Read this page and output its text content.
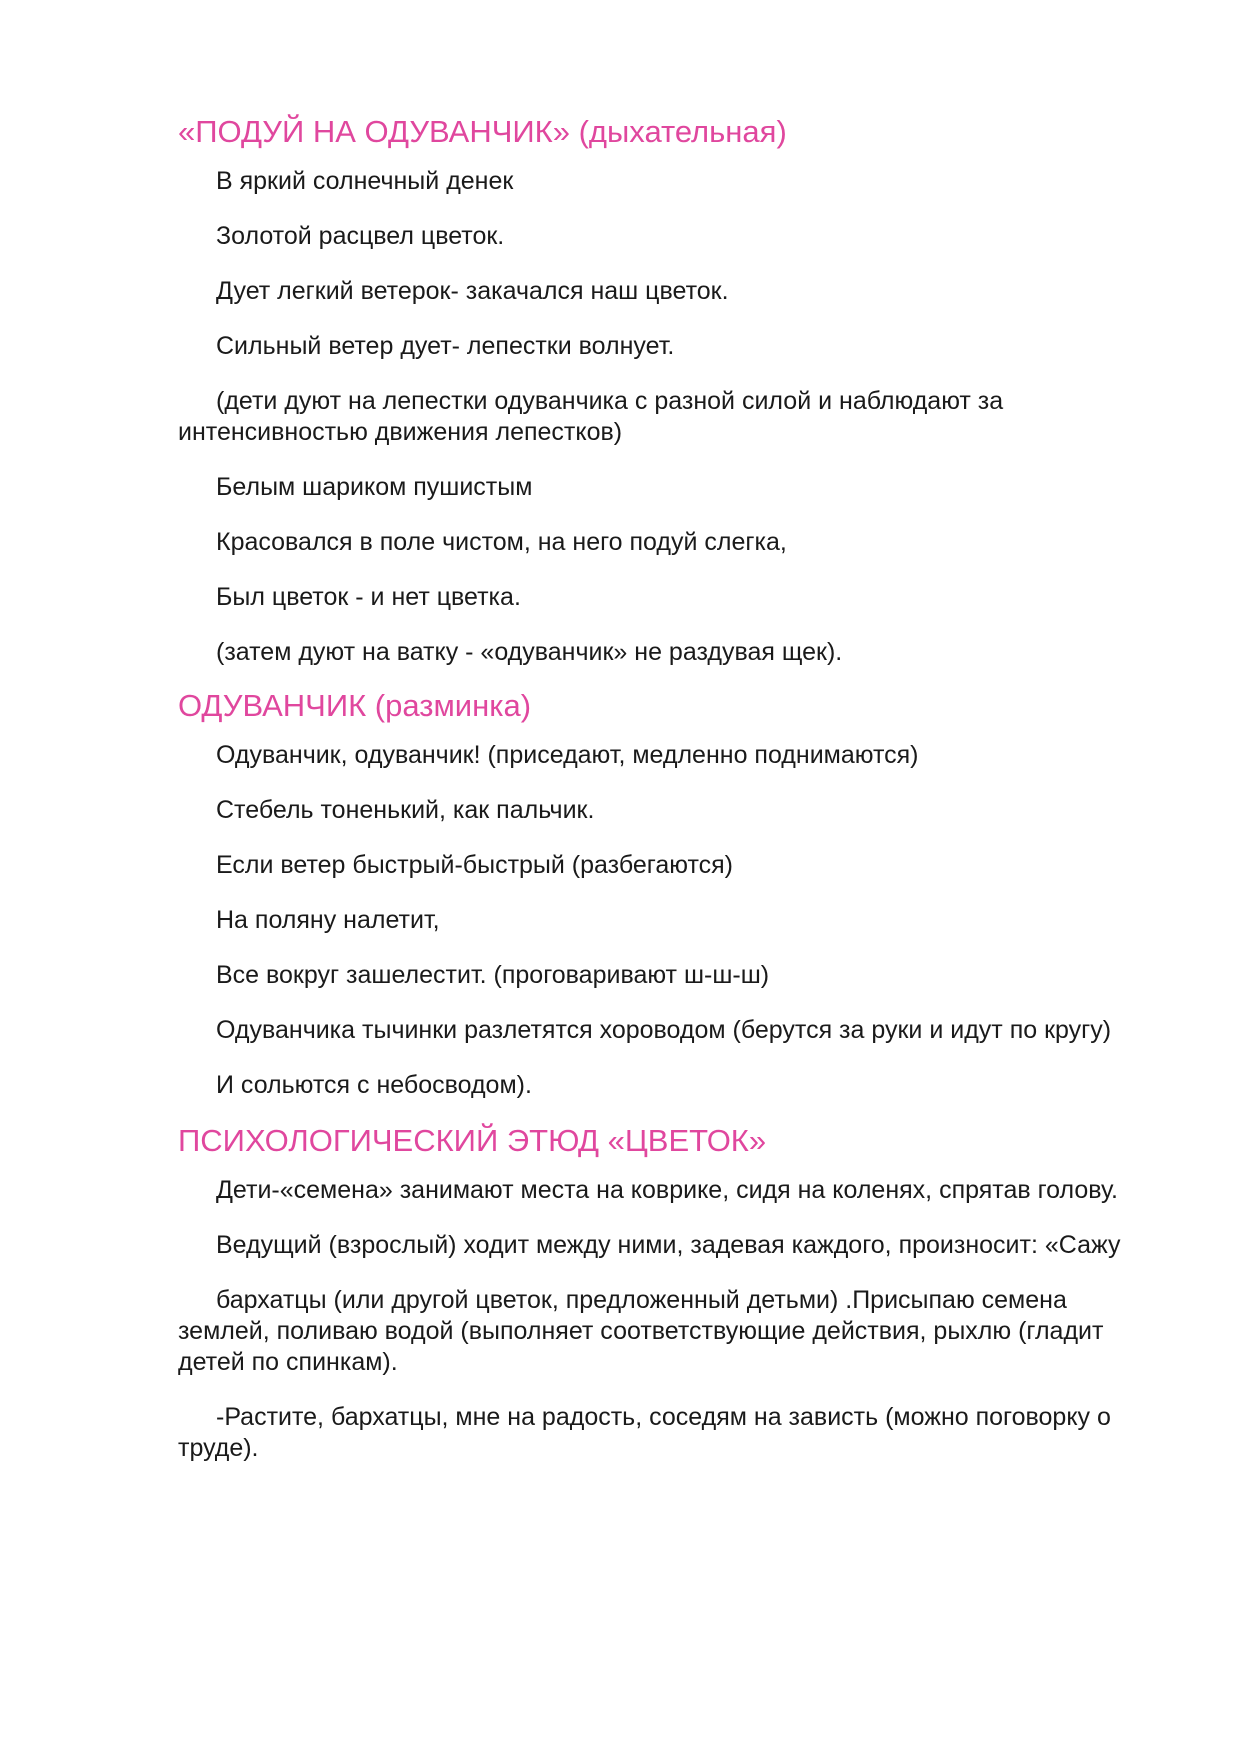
«ПОДУЙ НА ОДУВАНЧИК» (дыхательная)

В яркий солнечный денек

Золотой расцвел цветок.

Дует легкий ветерок- закачался наш цветок.

Сильный ветер дует- лепестки волнует.

(дети дуют на лепестки одуванчика с разной силой и наблюдают за интенсивностью движения лепестков)

Белым шариком пушистым

Красовался в поле чистом, на него подуй слегка,

Был цветок - и нет цветка.

(затем дуют на ватку - «одуванчик» не раздувая щек).

ОДУВАНЧИК (разминка)

Одуванчик, одуванчик! (приседают, медленно поднимаются)

Стебель тоненький, как пальчик.

Если ветер быстрый-быстрый (разбегаются)

На поляну налетит,

Все вокруг зашелестит. (проговаривают ш-ш-ш)

Одуванчика тычинки разлетятся хороводом (берутся за руки и идут по кругу)

И сольются с небосводом).

ПСИХОЛОГИЧЕСКИЙ ЭТЮД «ЦВЕТОК»

Дети-«семена» занимают места на коврике, сидя на коленях, спрятав голову.

Ведущий (взрослый) ходит между ними, задевая каждого, произносит: «Сажу

бархатцы (или другой цветок, предложенный детьми) .Присыпаю семена землей, поливаю водой (выполняет соответствующие действия, рыхлю (гладит детей по спинкам).

-Растите, бархатцы, мне на радость, соседям на зависть (можно поговорку о труде).
